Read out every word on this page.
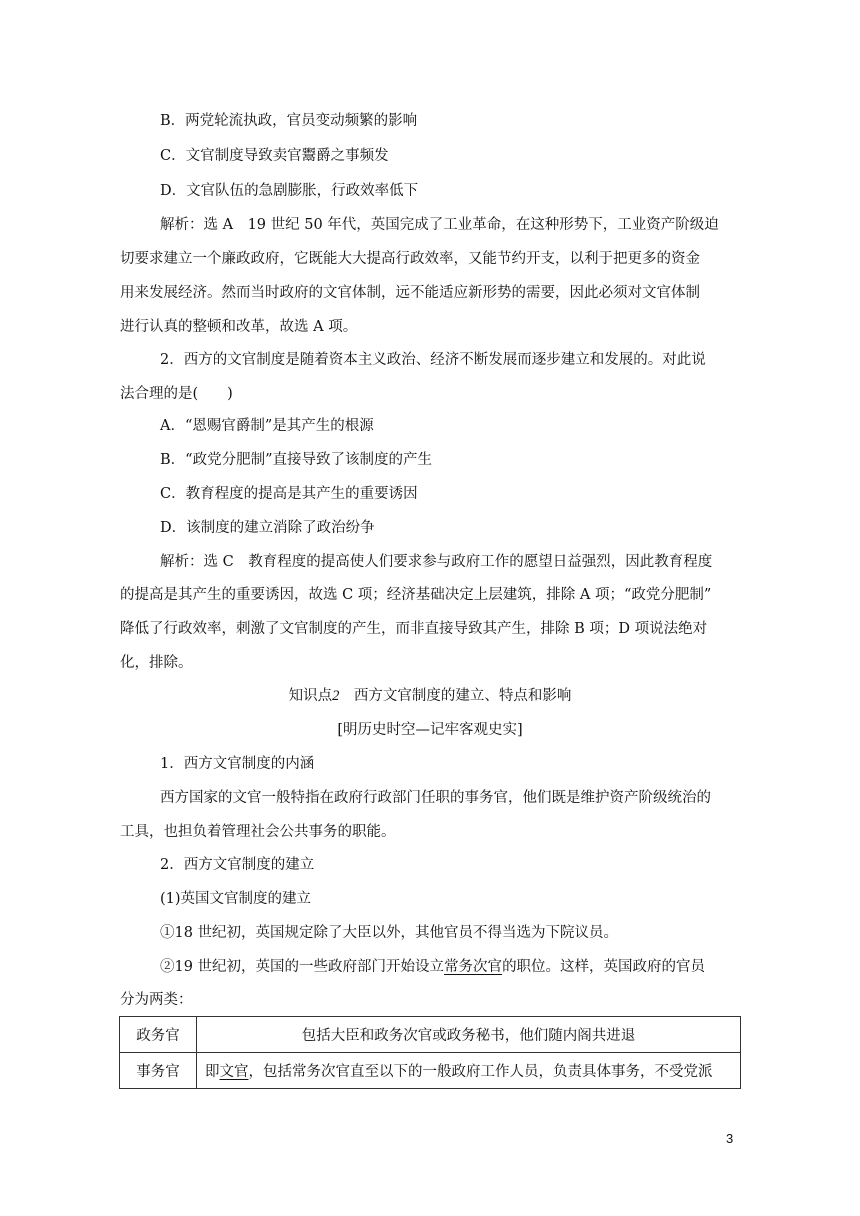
B．两党轮流执政，官员变动频繁的影响
C．文官制度导致卖官鬻爵之事频发
D．文官队伍的急剧膨胀，行政效率低下
解析：选 A　19 世纪 50 年代，英国完成了工业革命，在这种形势下，工业资产阶级迫
切要求建立一个廉政政府，它既能大大提高行政效率，又能节约开支，以利于把更多的资金
用来发展经济。然而当时政府的文官体制，远不能适应新形势的需要，因此必须对文官体制
进行认真的整顿和改革，故选 A 项。
2．西方的文官制度是随着资本主义政治、经济不断发展而逐步建立和发展的。对此说
法合理的是(　　)
A．“恩赐官爵制”是其产生的根源
B．“政党分肥制”直接导致了该制度的产生
C．教育程度的提高是其产生的重要诱因
D．该制度的建立消除了政治纷争
解析：选 C　教育程度的提高使人们要求参与政府工作的愿望日益强烈，因此教育程度
的提高是其产生的重要诱因，故选 C 项；经济基础决定上层建筑，排除 A 项；“政党分肥制”
降低了行政效率，刺激了文官制度的产生，而非直接导致其产生，排除 B 项；D 项说法绝对
化，排除。
知识点2　西方文官制度的建立、特点和影响
[明历史时空—记牢客观史实]
1．西方文官制度的内涵
西方国家的文官一般特指在政府行政部门任职的事务官，他们既是维护资产阶级统治的
工具，也担负着管理社会公共事务的职能。
2．西方文官制度的建立
(1)英国文官制度的建立
①18 世纪初，英国规定除了大臣以外，其他官员不得当选为下院议员。
②19 世纪初，英国的一些政府部门开始设立常务次官的职位。这样，英国政府的官员
分为两类：
政务官	包括大臣和政务次官或政务秘书，他们随内阁共进退
事务官	即文官，包括常务次官直至以下的一般政府工作人员，负责具体事务，不受党派
3
